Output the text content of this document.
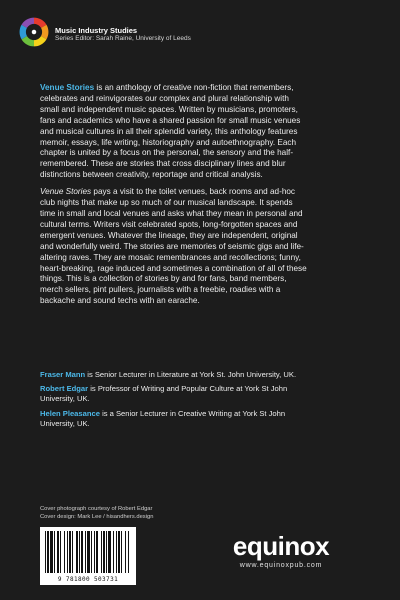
Music Industry Studies
Series Editor: Sarah Raine, University of Leeds

Venue Stories is an anthology of creative non-fiction that remembers, celebrates and reinvigorates our complex and plural relationship with small and independent music spaces. Written by musicians, promoters, fans and academics who have a shared passion for small music venues and musical cultures in all their splendid variety, this anthology features memoir, essays, life writing, historiography and autoethnography. Each chapter is united by a focus on the personal, the sensory and the half-remembered. These are stories that cross disciplinary lines and blur distinctions between creativity, reportage and critical analysis.

Venue Stories pays a visit to the toilet venues, back rooms and ad-hoc club nights that make up so much of our musical landscape. It spends time in small and local venues and asks what they mean in personal and cultural terms. Writers visit celebrated spots, long-forgotten spaces and emergent venues. Whatever the lineage, they are independent, original and wonderfully weird. The stories are memories of seismic gigs and life-altering raves. They are mosaic remembrances and recollections; funny, heart-breaking, rage induced and sometimes a combination of all of these things. This is a collection of stories by and for fans, band members, merch sellers, pint pullers, journalists with a freebie, roadies with a backache and sound techs with an earache.

Fraser Mann is Senior Lecturer in Literature at York St. John University, UK.

Robert Edgar is Professor of Writing and Popular Culture at York St John University, UK.

Helen Pleasance is a Senior Lecturer in Creative Writing at York St John University, UK.

Cover photograph courtesy of Robert Edgar
Cover design: Mark Lee / hisandhers.design
9 781800 503731
equinox
www.equinoxpub.com
